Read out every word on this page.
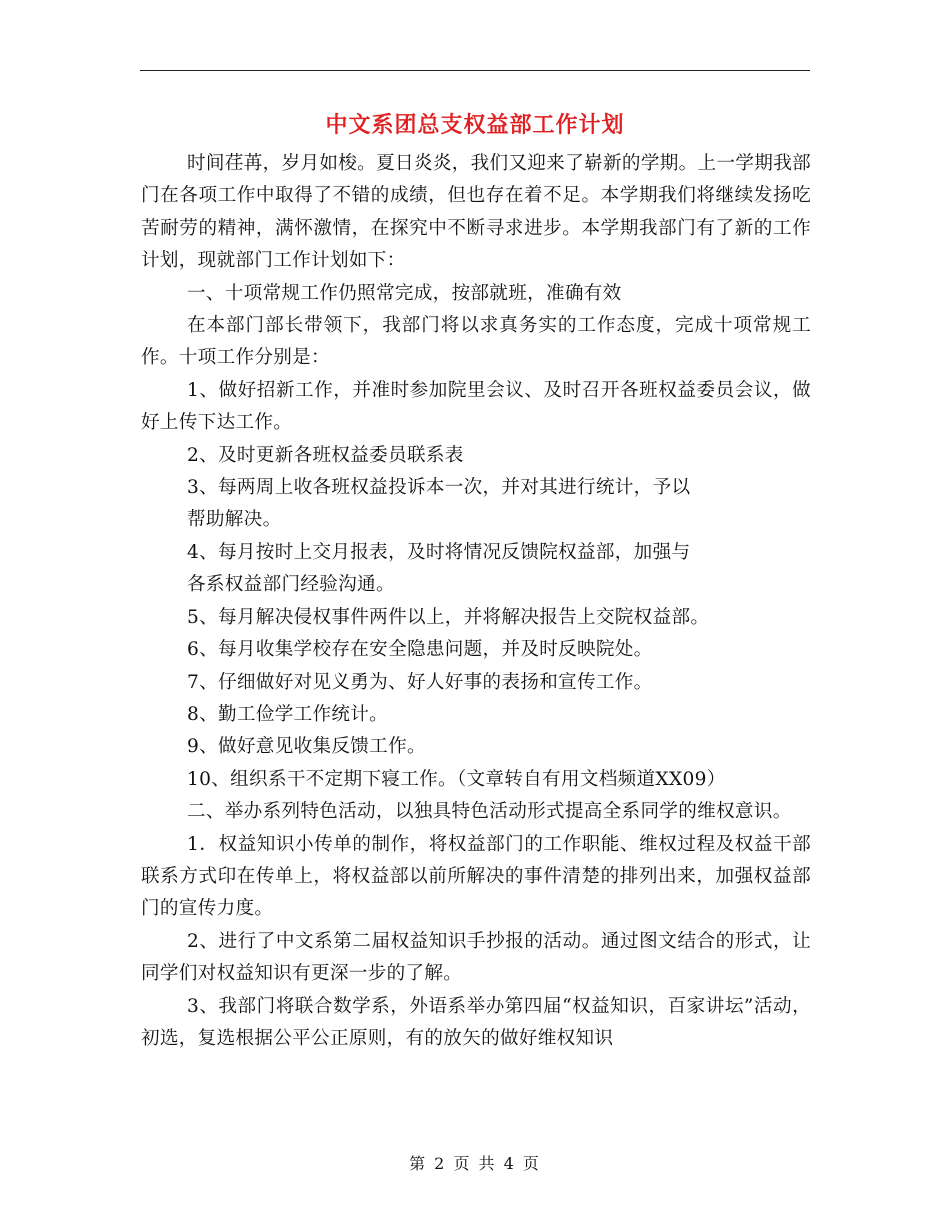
中文系团总支权益部工作计划

时间荏苒，岁月如梭。夏日炎炎，我们又迎来了崭新的学期。上一学期我部门在各项工作中取得了不错的成绩，但也存在着不足。本学期我们将继续发扬吃苦耐劳的精神，满怀激情，在探究中不断寻求进步。本学期我部门有了新的工作计划，现就部门工作计划如下：

一、十项常规工作仍照常完成，按部就班，准确有效

在本部门部长带领下，我部门将以求真务实的工作态度，完成十项常规工作。十项工作分别是：

1、做好招新工作，并准时参加院里会议、及时召开各班权益委员会议，做好上传下达工作。

2、及时更新各班权益委员联系表

3、每两周上收各班权益投诉本一次，并对其进行统计，予以

帮助解决。

4、每月按时上交月报表，及时将情况反馈院权益部，加强与

各系权益部门经验沟通。

5、每月解决侵权事件两件以上，并将解决报告上交院权益部。

6、每月收集学校存在安全隐患问题，并及时反映院处。

7、仔细做好对见义勇为、好人好事的表扬和宣传工作。

8、勤工俭学工作统计。

9、做好意见收集反馈工作。

10、组织系干不定期下寝工作。（文章转自有用文档频道XX09）

二、举办系列特色活动，以独具特色活动形式提高全系同学的维权意识。

1．权益知识小传单的制作，将权益部门的工作职能、维权过程及权益干部联系方式印在传单上，将权益部以前所解决的事件清楚的排列出来，加强权益部门的宣传力度。

2、进行了中文系第二届权益知识手抄报的活动。通过图文结合的形式，让同学们对权益知识有更深一步的了解。

3、我部门将联合数学系，外语系举办第四届“权益知识，百家讲坛”活动，初选，复选根据公平公正原则，有的放矢的做好维权知识

第 2 页 共 4 页
